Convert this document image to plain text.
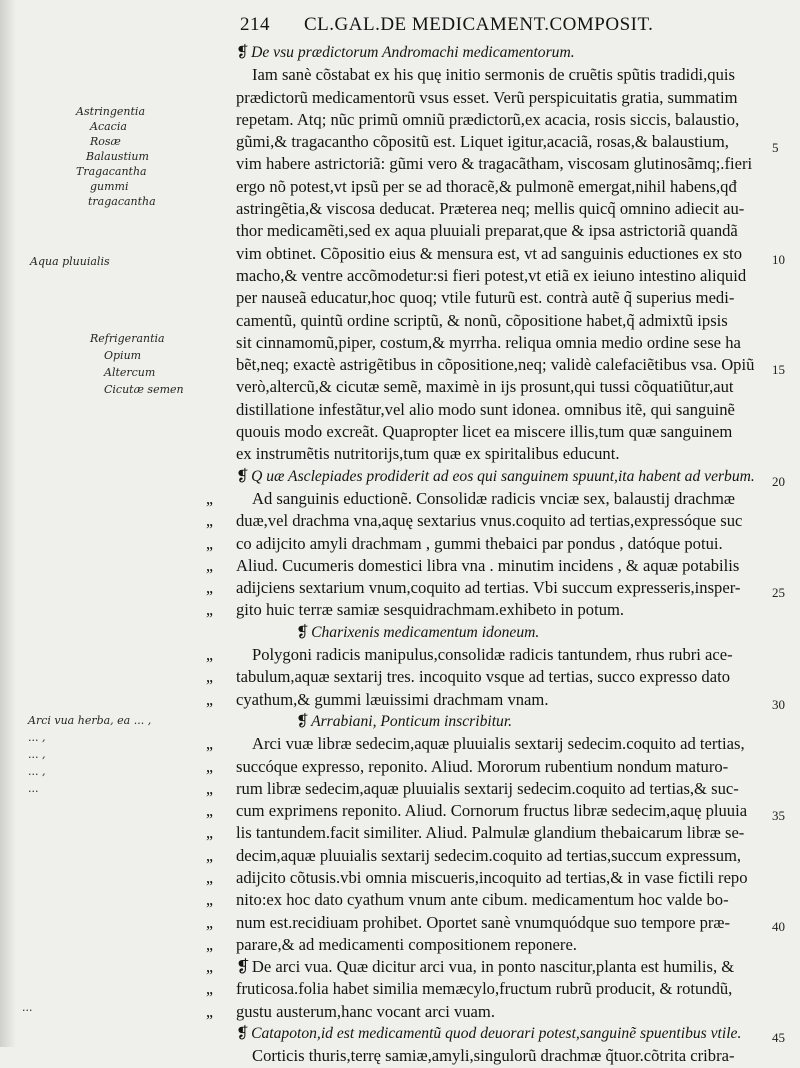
214 CL.GAL.DE MEDICAMENT.COMPOSIT.
❡ De vsu prædictorum Andromachi medicamentorum.
Iam sanè cõstabat ex his quę initio sermonis de cruẽtis spũtis tradidi,quis
prædictorũ medicamentorũ vsus esset. Verũ perspicuitatis gratia, summatim
repetam. Atq; nũc primũ omniũ prædictorũ,ex acacia, rosis siccis, balaustio,
gũmi,& tragacantho cõpositũ est. Liquet igitur,acaciã, rosas,& balaustium,
vim habere astrictoriã: gũmi vero & tragacãtham, viscosam glutinosãmq;.fieri
ergo nõ potest,vt ipsũ per se ad thoracẽ,& pulmonẽ emergat,nihil habens,qđ
astringẽtia,& viscosa deducat. Præterea neq; mellis quicq̃ omnino adiecit au-
thor medicamẽti,sed ex aqua pluuiali preparat,que & ipsa astrictoriã quandã
vim obtinet. Cõpositio eius & mensura est, vt ad sanguinis eductiones ex sto
macho,& ventre accõmodetur:si fieri potest,vt etiã ex ieiuno intestino aliquid
per nauseã educatur,hoc quoq; vtile futurũ est. contrà autẽ q̃ superius medi-
camentũ, quintũ ordine scriptũ, & nonũ, cõpositione habet,q̃ admixtũ ipsis
sit cinnamomũ,piper, costum,& myrrha. reliqua omnia medio ordine sese ha
bẽt,neq; exactè astrigẽtibus in cõpositione,neq; validè calefaciẽtibus vsa. Opiũ
verò,altercũ,& cicutæ semẽ, maximè in ijs prosunt,qui tussi cõquatiũtur,aut
distillatione infestãtur,vel alio modo sunt idonea. omnibus itẽ, qui sanguinẽ
quouis modo excreãt. Quapropter licet ea miscere illis,tum quæ sanguinem
ex instrumẽtis nutritorijs,tum quæ ex spiritalibus educunt.
❡ Q uæ Asclepiades prodiderit ad eos qui sanguinem spuunt,ita habent ad verbum.
,,	Ad sanguinis eductionẽ. Consolidæ radicis vnciæ sex, balaustij drachmæ
,,	duæ,vel drachma vna,aquę sextarius vnus.coquito ad tertias,expressóque suc
,,	co adijcito amyli drachmam , gummi thebaici par pondus , datóque potui.
,,	Aliud. Cucumeris domestici libra vna . minutim incidens , & aquæ potabilis
,,	adijciens sextarium vnum,coquito ad tertias. Vbi succum expresseris,insper-
,,	gito huic terræ samiæ sesquidrachmam.exhibeto in potum.
❡ Charixenis medicamentum idoneum.
,,	Polygoni radicis manipulus,consolidæ radicis tantundem, rhus rubri ace-
,,	tabulum,aquæ sextarij tres. incoquito vsque ad tertias, succo expresso dato
,,	cyathum,& gummi læuissimi drachmam vnam.
❡ Arrabiani, Ponticum inscribitur.
,,	Arci vuæ libræ sedecim,aquæ pluuialis sextarij sedecim.coquito ad tertias,
,,	succóque expresso, reponito. Aliud. Mororum rubentium nondum maturo-
,,	rum libræ sedecim,aquæ pluuialis sextarij sedecim.coquito ad tertias,& suc-
,,	cum exprimens reponito. Aliud. Cornorum fructus libræ sedecim,aquę pluuia
,,	lis tantundem.facit similiter. Aliud. Palmulæ glandium thebaicarum libræ se-
,,	decim,aquæ pluuialis sextarij sedecim.coquito ad tertias,succum expressum,
,,	adijcito cõtusis.vbi omnia miscueris,incoquito ad tertias,& in vase fictili repo
,,	nito:ex hoc dato cyathum vnum ante cibum. medicamentum hoc valde bo-
,,	num est.recidiuam prohibet. Oportet sanè vnumquódque suo tempore præ-
,,	parare,& ad medicamenti compositionem reponere.
,,
❡	De arci vua. Quæ dicitur arci vua, in ponto nascitur,planta est humilis, &
,,	fruticosa.folia habet similia memæcylo,fructum rubrũ producit, & rotundũ,
,,	gustu austerum,hanc vocant arci vuam.
❡ Catapoton,id est medicamentũ quod deuorari potest,sanguinẽ spuentibus vtile.
Corticis thuris,terrę samiæ,amyli,singulorũ drachmæ q̃tuor.cõtrita cribra-
5
10
15
20
25
30
35
40
45
Astringentia
Acacia
Rosæ
Balaustium
Tragacantha
gummi
tragacantha
Aqua pluuialis
Refrigerantia
Opium
Altercum
Cicutæ semen
Arci vua herba, ea ... ,
... ,
... ,
... ,
...
...
